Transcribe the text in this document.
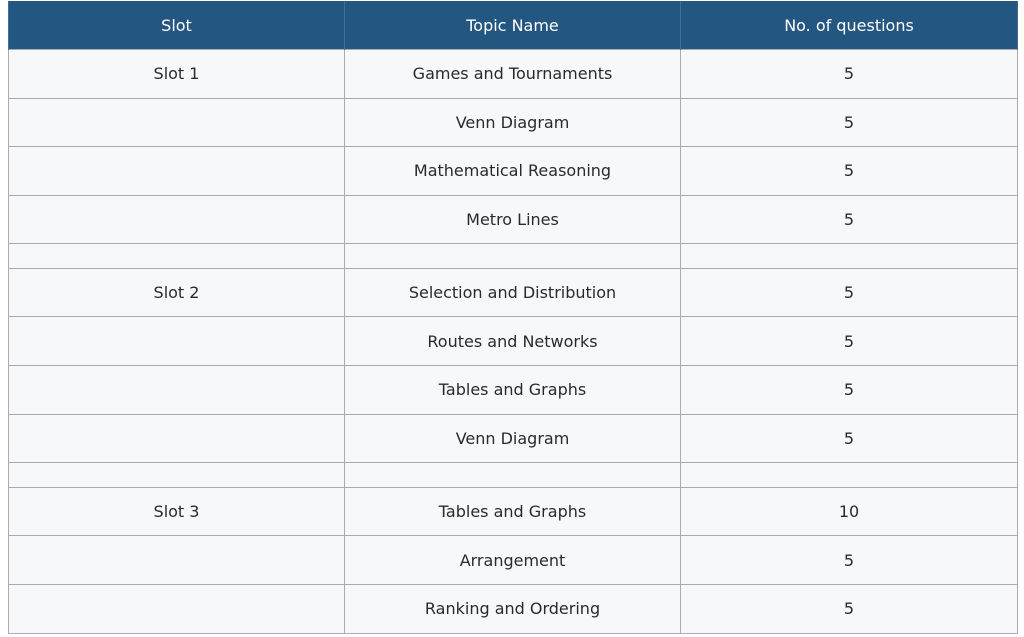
Slot	Topic Name	No. of questions
Slot 1	Games and Tournaments	5
	Venn Diagram	5
	Mathematical Reasoning	5
	Metro Lines	5

Slot 2	Selection and Distribution	5
	Routes and Networks	5
	Tables and Graphs	5
	Venn Diagram	5

Slot 3	Tables and Graphs	10
	Arrangement	5
	Ranking and Ordering	5
